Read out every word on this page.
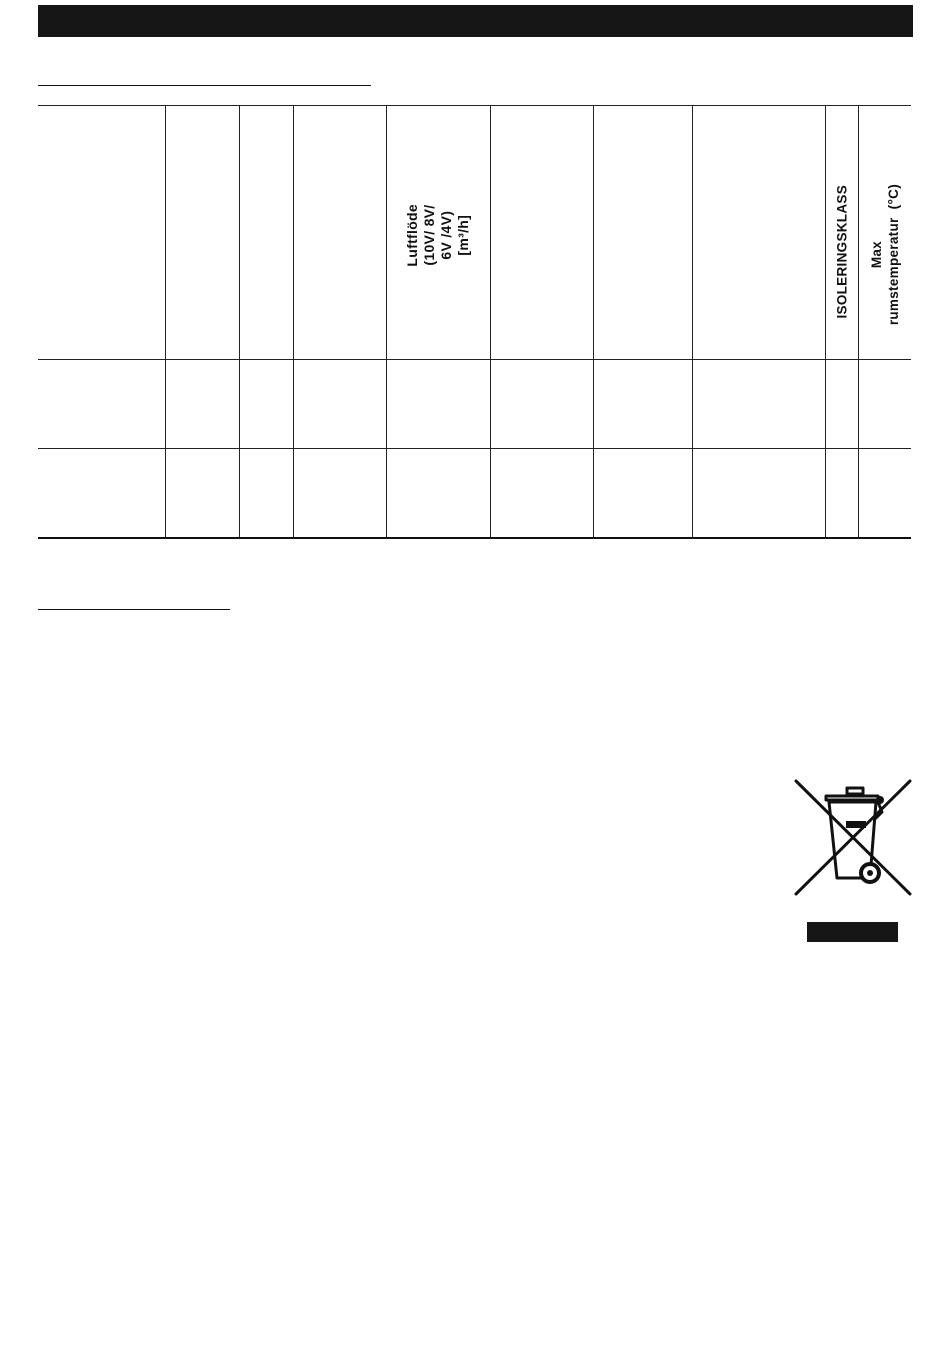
				Luftflöde
(10V/ 8V/
6V /4V)
[m³/h]				ISOLERINGSKLASS	Max
rumstemperatur  (°C)
